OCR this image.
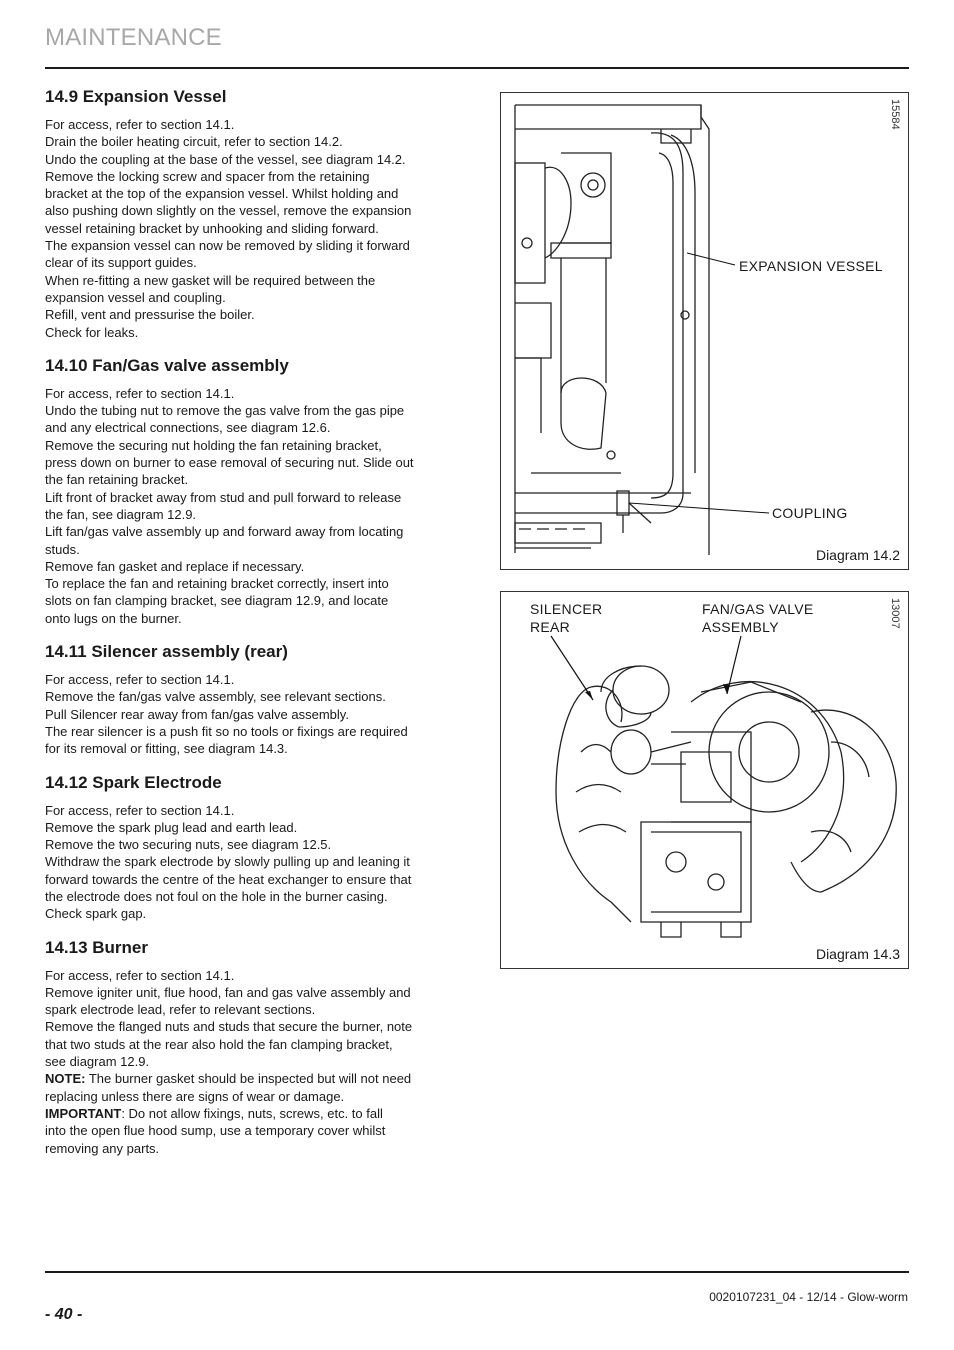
MAINTENANCE
14.9 Expansion Vessel

For access, refer to section 14.1.

Drain the boiler heating circuit, refer to section 14.2.

Undo the coupling at the base of the vessel, see diagram 14.2.

Remove the locking screw and spacer from the retaining

bracket at the top of the expansion vessel. Whilst holding and

also pushing down slightly on the vessel, remove the expansion

vessel retaining bracket by unhooking and sliding forward.

The expansion vessel can now be removed by sliding it forward

clear of its support guides.

When re-fitting a new gasket will be required between the

expansion vessel and coupling.

Refill, vent and pressurise the boiler.

Check for leaks.

14.10 Fan/Gas valve assembly

For access, refer to section 14.1.

Undo the tubing nut to remove the gas valve from the gas pipe

and any electrical connections, see diagram 12.6.

Remove the securing nut holding the fan retaining bracket,

press down on burner to ease removal of securing nut. Slide out

the fan retaining bracket.

Lift front of bracket away from stud and pull forward to release

the fan, see diagram 12.9.

Lift fan/gas valve assembly up and forward away from locating

studs.

Remove fan gasket and replace if necessary.

To replace the fan and retaining bracket correctly, insert into

slots on fan clamping bracket, see diagram 12.9, and locate

onto lugs on the burner.

14.11 Silencer assembly (rear)

For access, refer to section 14.1.

Remove the fan/gas valve assembly, see relevant sections.

Pull Silencer rear away from fan/gas valve assembly.

The rear silencer is a push fit so no tools or fixings are required

for its removal or fitting, see diagram 14.3.

14.12 Spark Electrode

For access, refer to section 14.1.

Remove the spark plug lead and earth lead.

Remove the two securing nuts, see diagram 12.5.

Withdraw the spark electrode by slowly pulling up and leaning it

forward towards the centre of the heat exchanger to ensure that

the electrode does not foul on the hole in the burner casing.

Check spark gap.

14.13 Burner

For access, refer to section 14.1.

Remove igniter unit, flue hood, fan and gas valve assembly and

spark electrode lead, refer to relevant sections.

Remove the flanged nuts and studs that secure the burner, note

that two studs at the rear also hold the fan clamping bracket,

see diagram 12.9.

NOTE: The burner gasket should be inspected but will not need

replacing unless there are signs of wear or damage.

IMPORTANT: Do not allow fixings, nuts, screws, etc. to fall

into the open flue hood sump, use a temporary cover whilst

removing any parts.

15584
EXPANSION VESSEL
COUPLING
Diagram 14.2
13007
SILENCER
REAR
FAN/GAS VALVE
ASSEMBLY
Diagram 14.3
0020107231_04 - 12/14 - Glow-worm
- 40 -
